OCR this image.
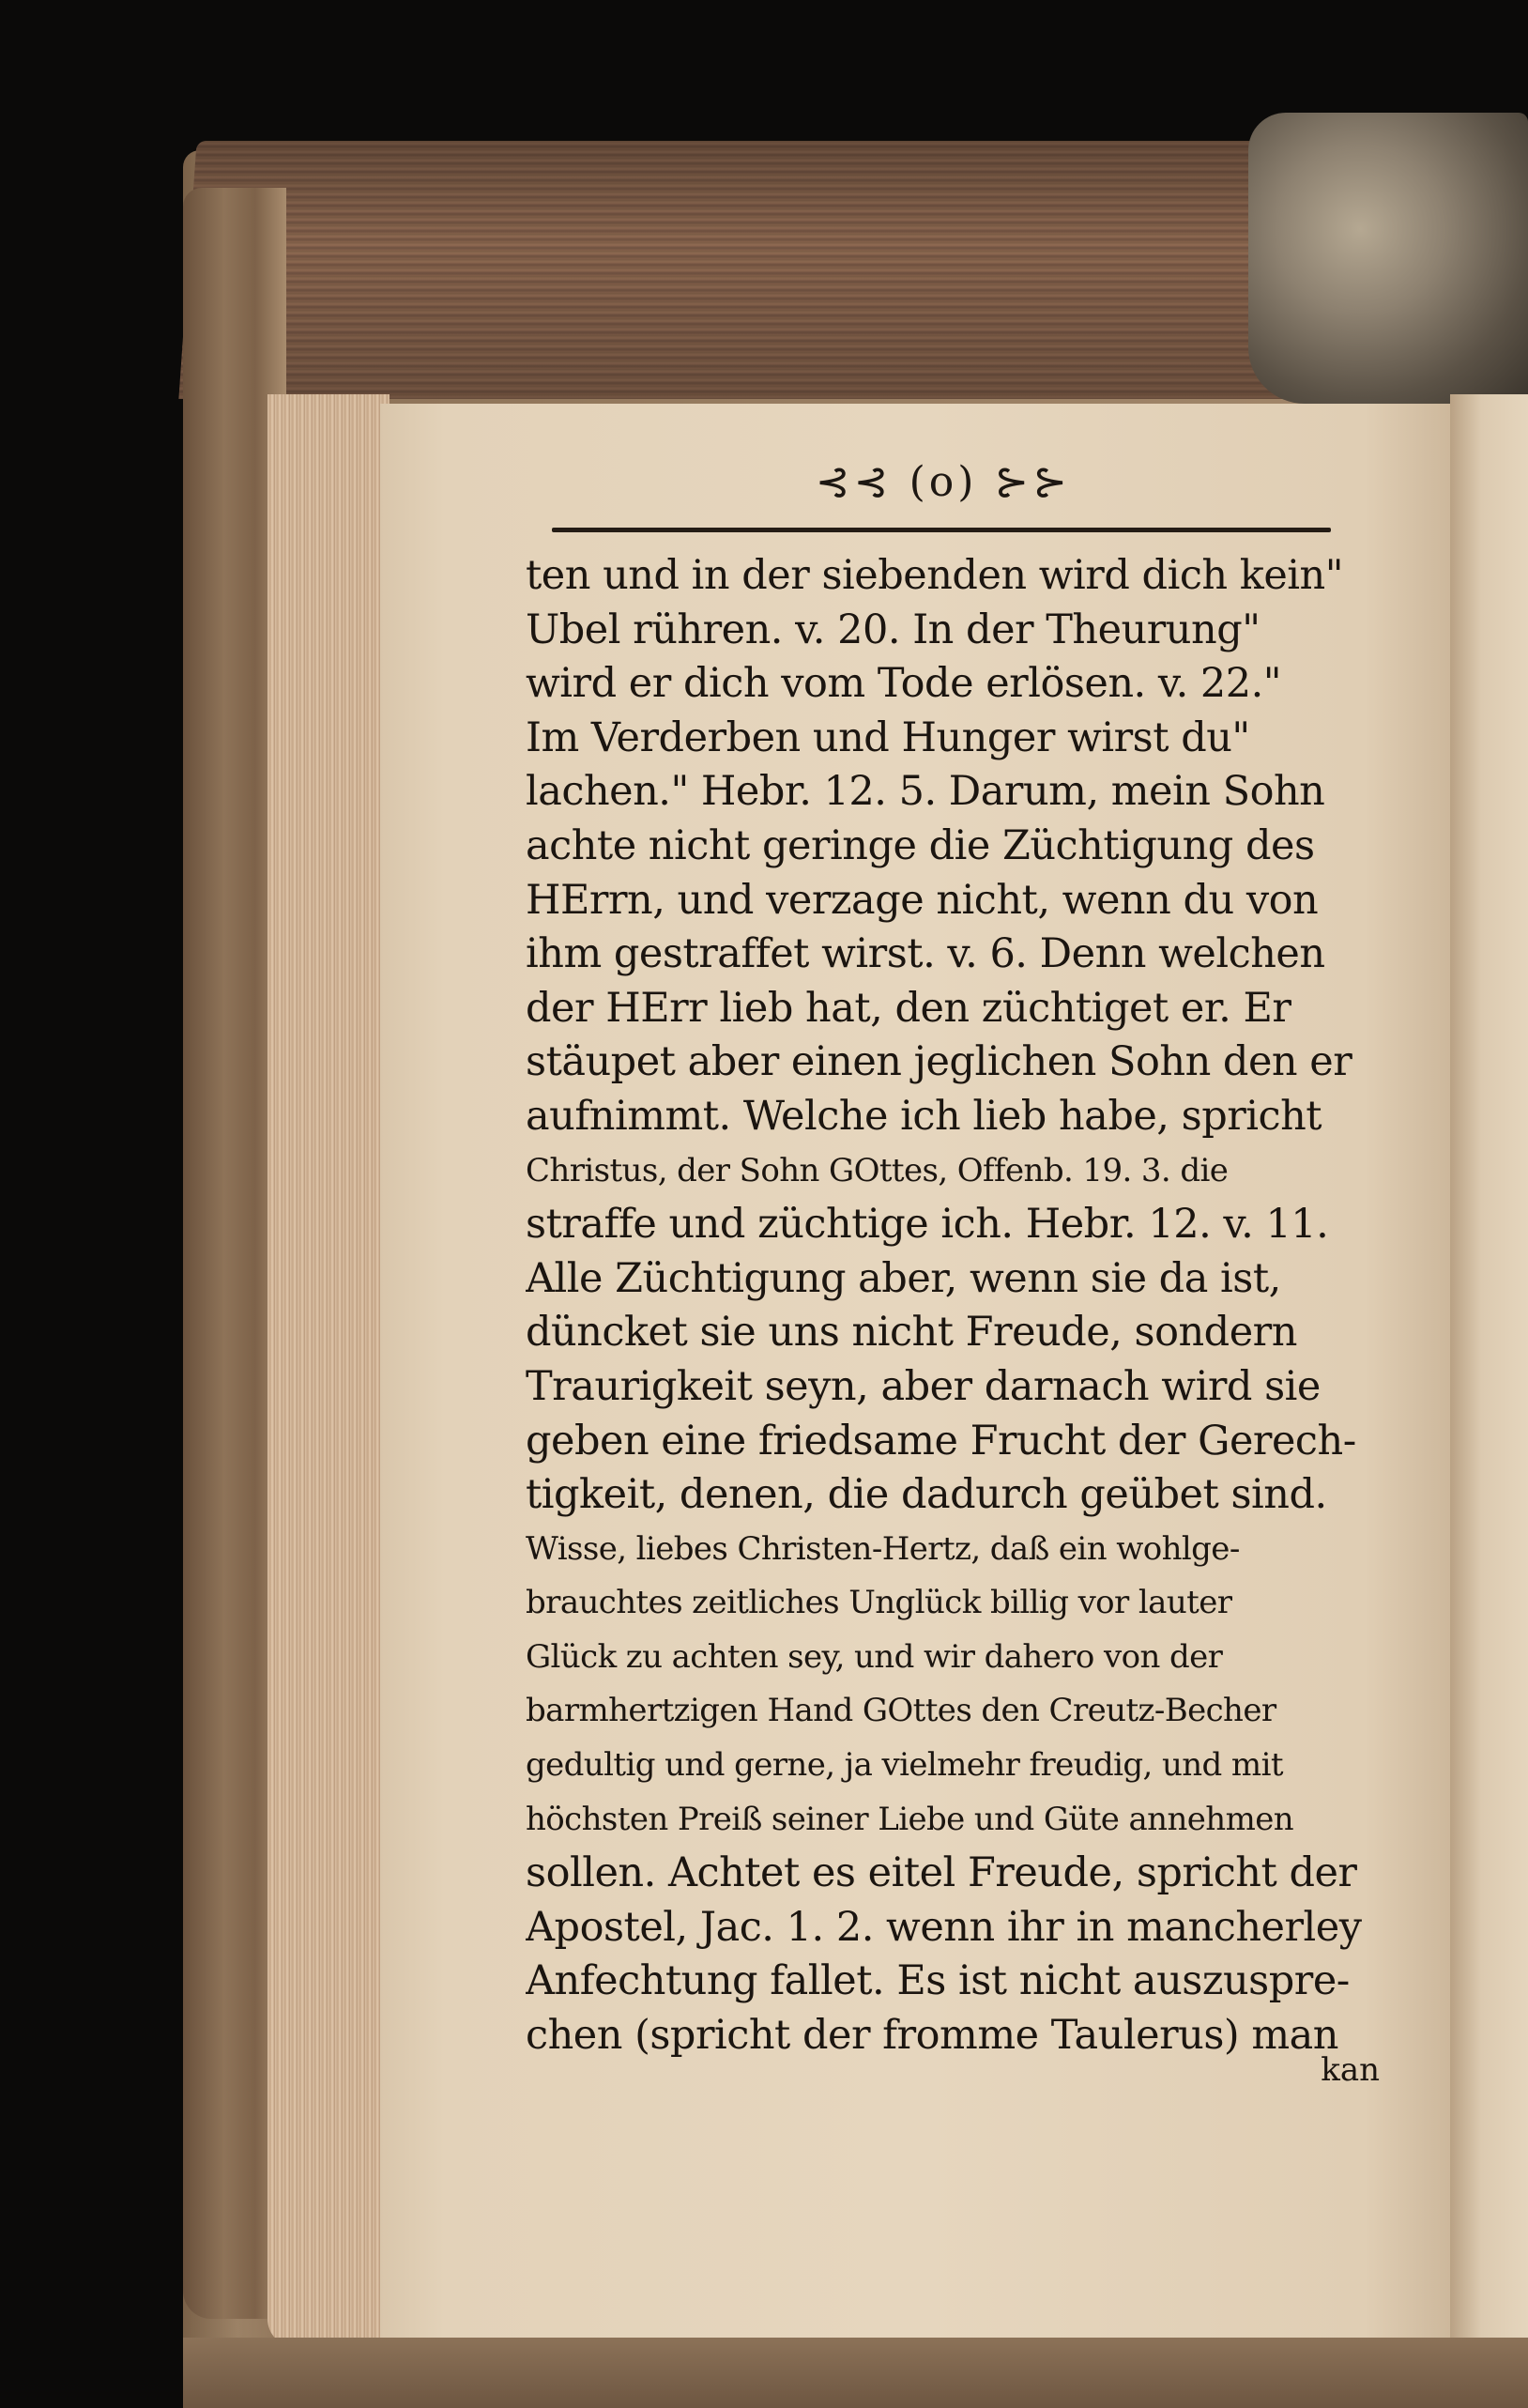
⊰⊰ (o) ⊱⊱
ten und in der siebenden wird dich kein"
Ubel rühren. v. 20. In der Theurung"
wird er dich vom Tode erlösen. v. 22."
Im Verderben und Hunger wirst du"
lachen." Hebr. 12. 5. Darum, mein Sohn
achte nicht geringe die Züchtigung des
HErrn, und verzage nicht, wenn du von
ihm gestraffet wirst. v. 6. Denn welchen
der HErr lieb hat, den züchtiget er. Er
stäupet aber einen jeglichen Sohn den er
aufnimmt. Welche ich lieb habe, spricht
Christus, der Sohn GOttes, Offenb. 19. 3. die
straffe und züchtige ich. Hebr. 12. v. 11.
Alle Züchtigung aber, wenn sie da ist,
düncket sie uns nicht Freude, sondern
Traurigkeit seyn, aber darnach wird sie
geben eine friedsame Frucht der Gerech-
tigkeit, denen, die dadurch geübet sind.
Wisse, liebes Christen-Hertz, daß ein wohlge-
brauchtes zeitliches Unglück billig vor lauter
Glück zu achten sey, und wir dahero von der
barmhertzigen Hand GOttes den Creutz-Becher
gedultig und gerne, ja vielmehr freudig, und mit
höchsten Preiß seiner Liebe und Güte annehmen
sollen. Achtet es eitel Freude, spricht der
Apostel, Jac. 1. 2. wenn ihr in mancherley
Anfechtung fallet. Es ist nicht auszusprе-
chen (spricht der fromme Taulerus) man
kan
